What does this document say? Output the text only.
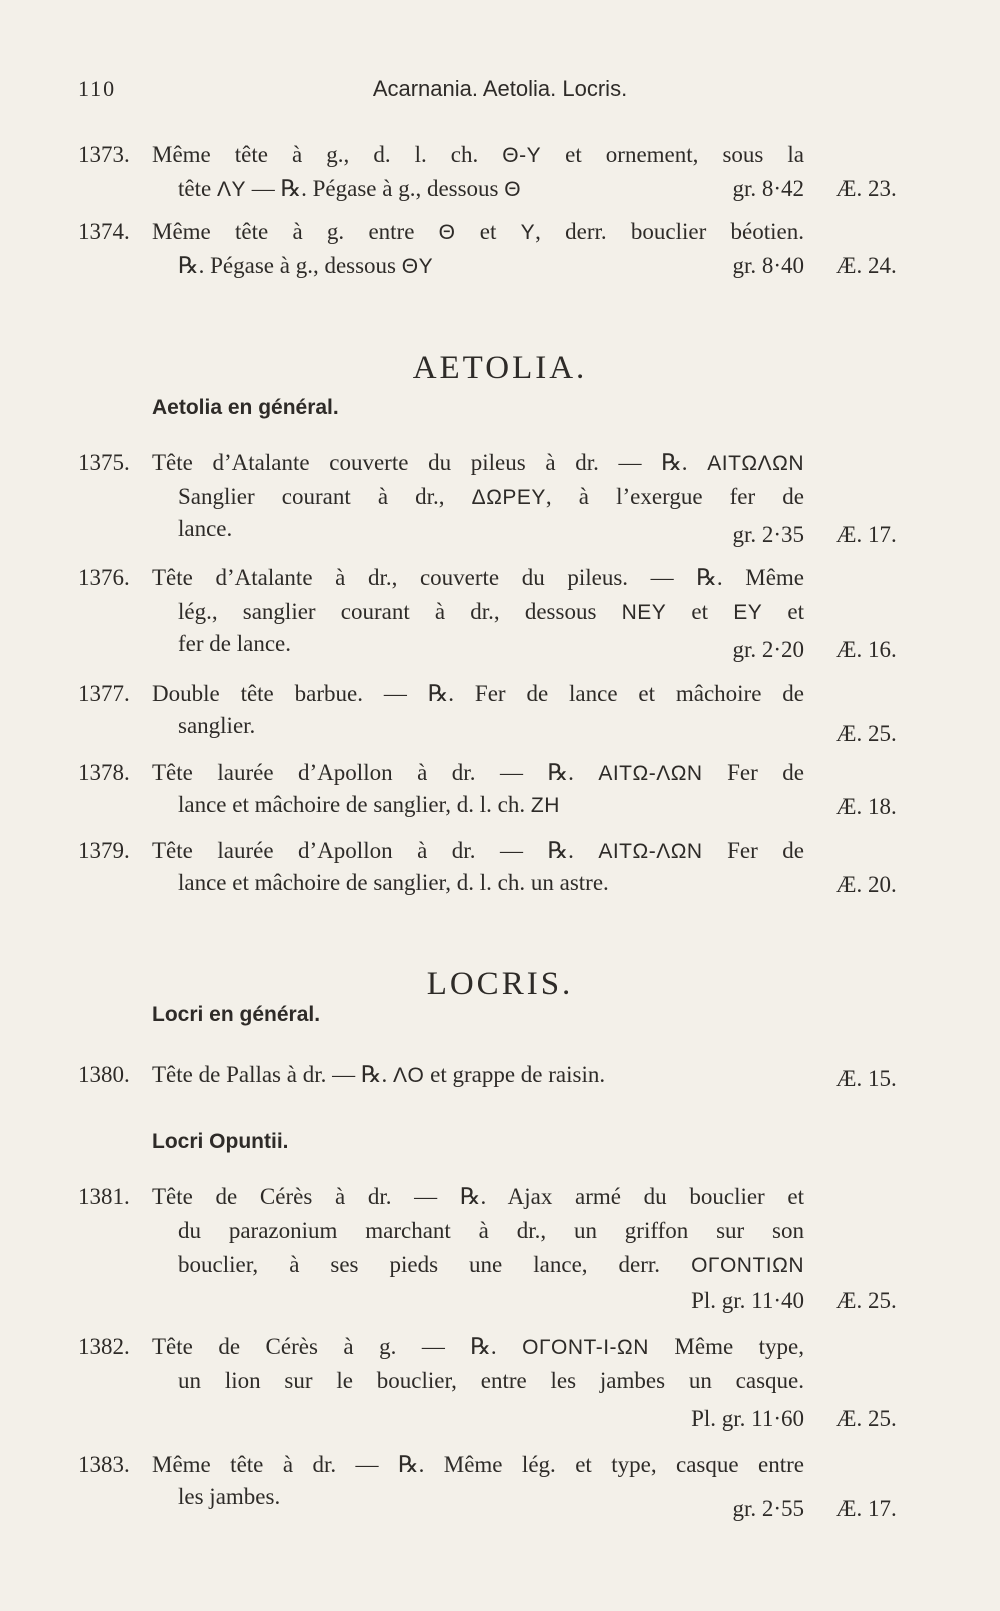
110	Acarnania. Aetolia. Locris.
1373. Même tête à g., d. l. ch. Θ-Y et ornement, sous la
tête ΛY — ℞. Pégase à g., dessous Θ	gr. 8·42 Æ. 23.
1374. Même tête à g. entre Θ et Y, derr. bouclier béotien.
℞. Pégase à g., dessous ΘY	gr. 8·40 Æ. 24.
AETOLIA.
Aetolia en général.
1375. Tête d’Atalante couverte du pileus à dr. — ℞. AITΩΛΩN
Sanglier courant à dr., ΔΩPEY, à l’exergue fer de
lance.	gr. 2·35 Æ. 17.
1376. Tête d’Atalante à dr., couverte du pileus. — ℞. Même
lég., sanglier courant à dr., dessous NEY et EY et
fer de lance.	gr. 2·20 Æ. 16.
1377. Double tête barbue. — ℞. Fer de lance et mâchoire de
sanglier.	Æ. 25.
1378. Tête laurée d’Apollon à dr. — ℞. AITΩ-ΛΩN Fer de
lance et mâchoire de sanglier, d. l. ch. ZH	Æ. 18.
1379. Tête laurée d’Apollon à dr. — ℞. AITΩ-ΛΩN Fer de
lance et mâchoire de sanglier, d. l. ch. un astre.	Æ. 20.
LOCRIS.
Locri en général.
1380. Tête de Pallas à dr. — ℞. ΛO et grappe de raisin.	Æ. 15.
Locri Opuntii.
1381. Tête de Cérès à dr. — ℞. Ajax armé du bouclier et
du parazonium marchant à dr., un griffon sur son
bouclier, à ses pieds une lance, derr. OΓONTIΩN
Pl. gr. 11·40 Æ. 25.
1382. Tête de Cérès à g. — ℞. OΓONT-I-ΩN Même type,
un lion sur le bouclier, entre les jambes un casque.
Pl. gr. 11·60 Æ. 25.
1383. Même tête à dr. — ℞. Même lég. et type, casque entre
les jambes.	gr. 2·55 Æ. 17.
